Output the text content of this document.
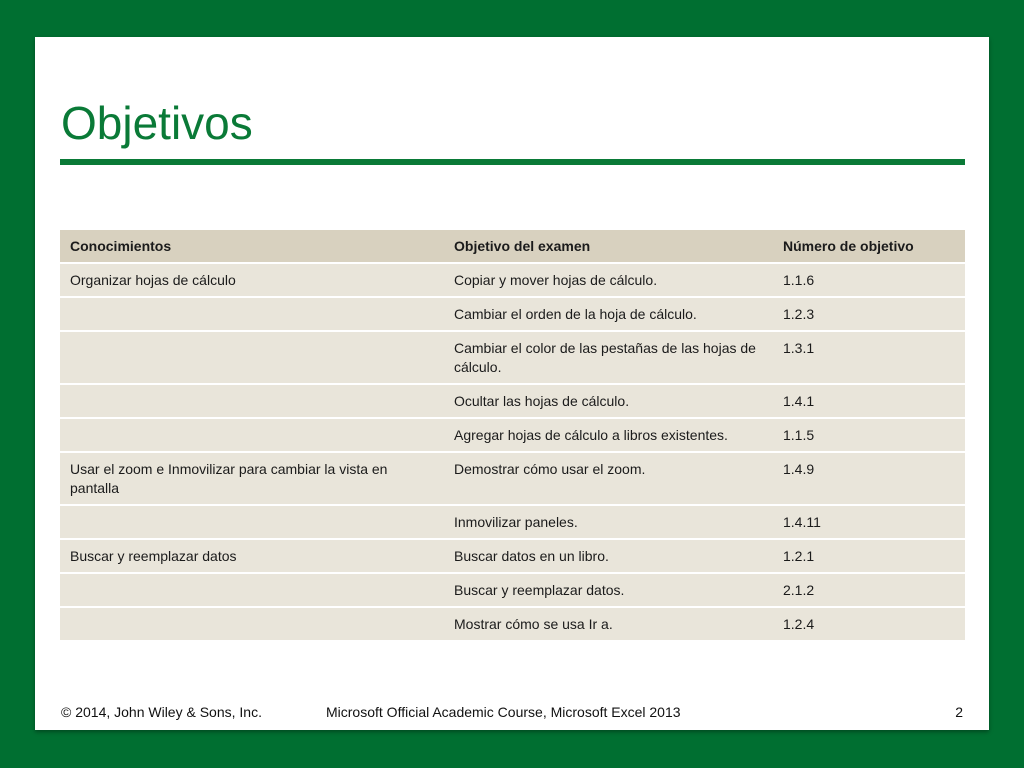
Objetivos
Conocimientos	Objetivo del examen	Número de objetivo
Organizar hojas de cálculo	Copiar y mover hojas de cálculo.	1.1.6
	Cambiar el orden de la hoja de cálculo.	1.2.3
	Cambiar el color de las pestañas de las hojas de cálculo.	1.3.1
	Ocultar las hojas de cálculo.	1.4.1
	Agregar hojas de cálculo a libros existentes.	1.1.5
Usar el zoom e Inmovilizar para cambiar la vista en pantalla	Demostrar cómo usar el zoom.	1.4.9
	Inmovilizar paneles.	1.4.11
Buscar y reemplazar datos	Buscar datos en un libro.	1.2.1
	Buscar y reemplazar datos.	2.1.2
	Mostrar cómo se usa Ir a.	1.2.4
© 2014, John Wiley & Sons, Inc.	Microsoft Official Academic Course, Microsoft Excel 2013	2
